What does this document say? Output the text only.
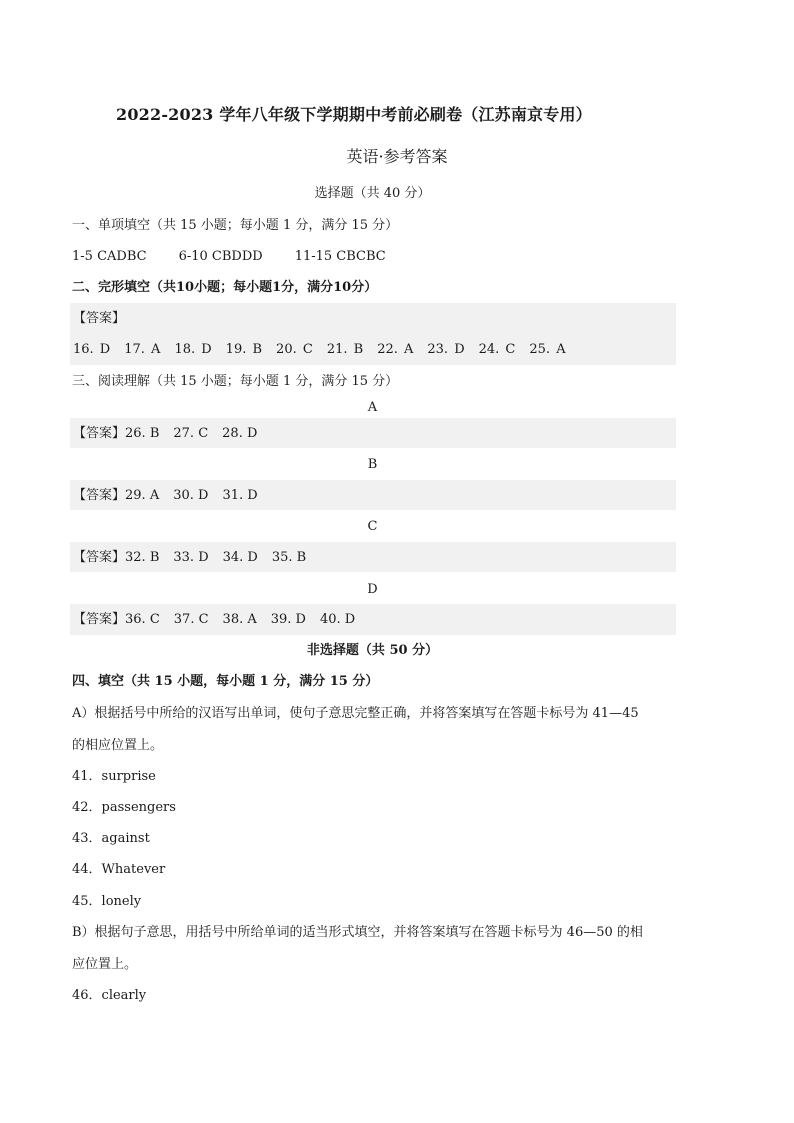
2022-2023 学年八年级下学期期中考前必刷卷（江苏南京专用）
英语·参考答案
选择题（共 40 分）
一、单项填空（共 15 小题；每小题 1 分，满分 15 分）
1-5 CADBC 6-10 CBDDD 11-15 CBCBC
二、完形填空（共10小题；每小题1分，满分10分）
【答案】
16. D 17. A 18. D 19. B 20. C 21. B 22. A 23. D 24. C 25. A
三、阅读理解（共 15 小题；每小题 1 分，满分 15 分）
A
【答案】26. B 27. C 28. D
B
【答案】29. A 30. D 31. D
C
【答案】32. B 33. D 34. D 35. B
D
【答案】36. C 37. C 38. A 39. D 40. D
非选择题（共 50 分）
四、填空（共 15 小题，每小题 1 分，满分 15 分）
A）根据括号中所给的汉语写出单词，使句子意思完整正确，并将答案填写在答题卡标号为 41—45
的相应位置上。
41．surprise
42．passengers
43．against
44．Whatever
45．lonely
B）根据句子意思，用括号中所给单词的适当形式填空，并将答案填写在答题卡标号为 46—50 的相
应位置上。
46．clearly
